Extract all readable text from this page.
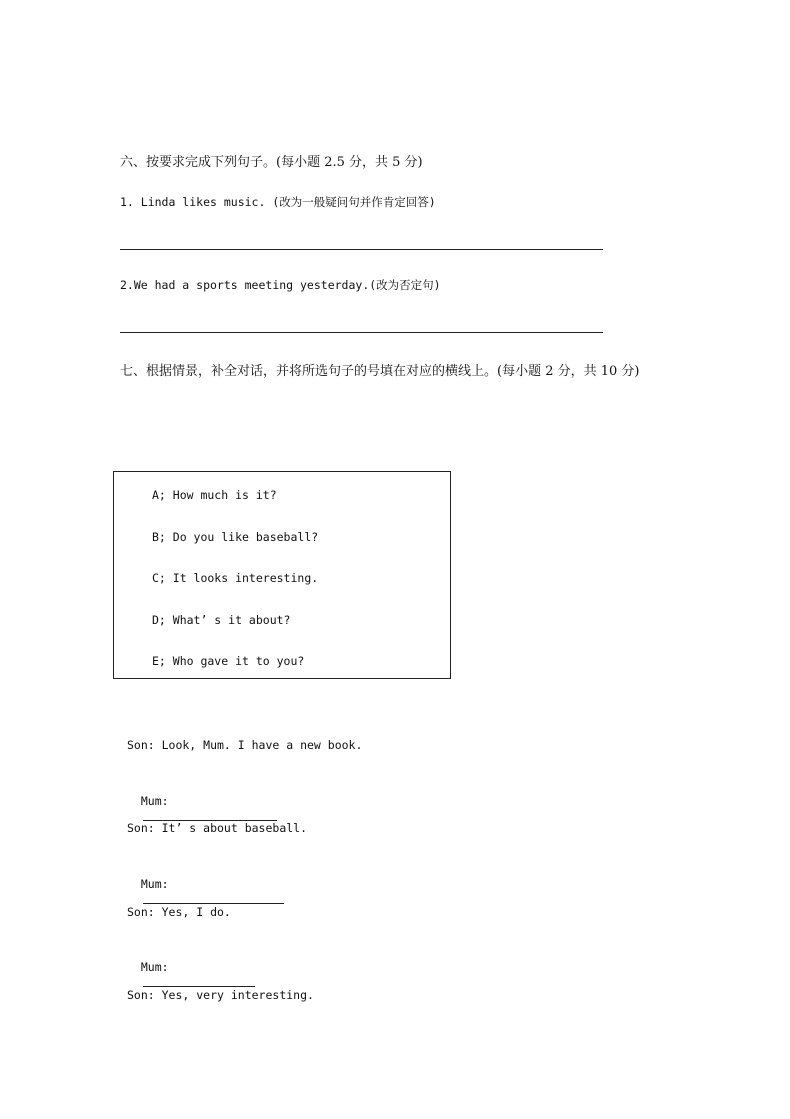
六、按要求完成下列句子。(每小题 2.5 分，共 5 分)
1. Linda likes music. (改为一般疑问句并作肯定回答)
2.We had a sports meeting yesterday.(改为否定句)
七、根据情景，补全对话，并将所选句子的号填在对应的横线上。(每小题 2 分，共 10 分)
A; How much is it?
B; Do you like baseball?
C; It looks interesting.
D; What’ s it about?
E; Who gave it to you?
Son: Look, Mum. I have a new book.

Mum:

Son: It’ s about baseball.

Mum:

Son: Yes, I do.

Mum:

Son: Yes, very interesting.
